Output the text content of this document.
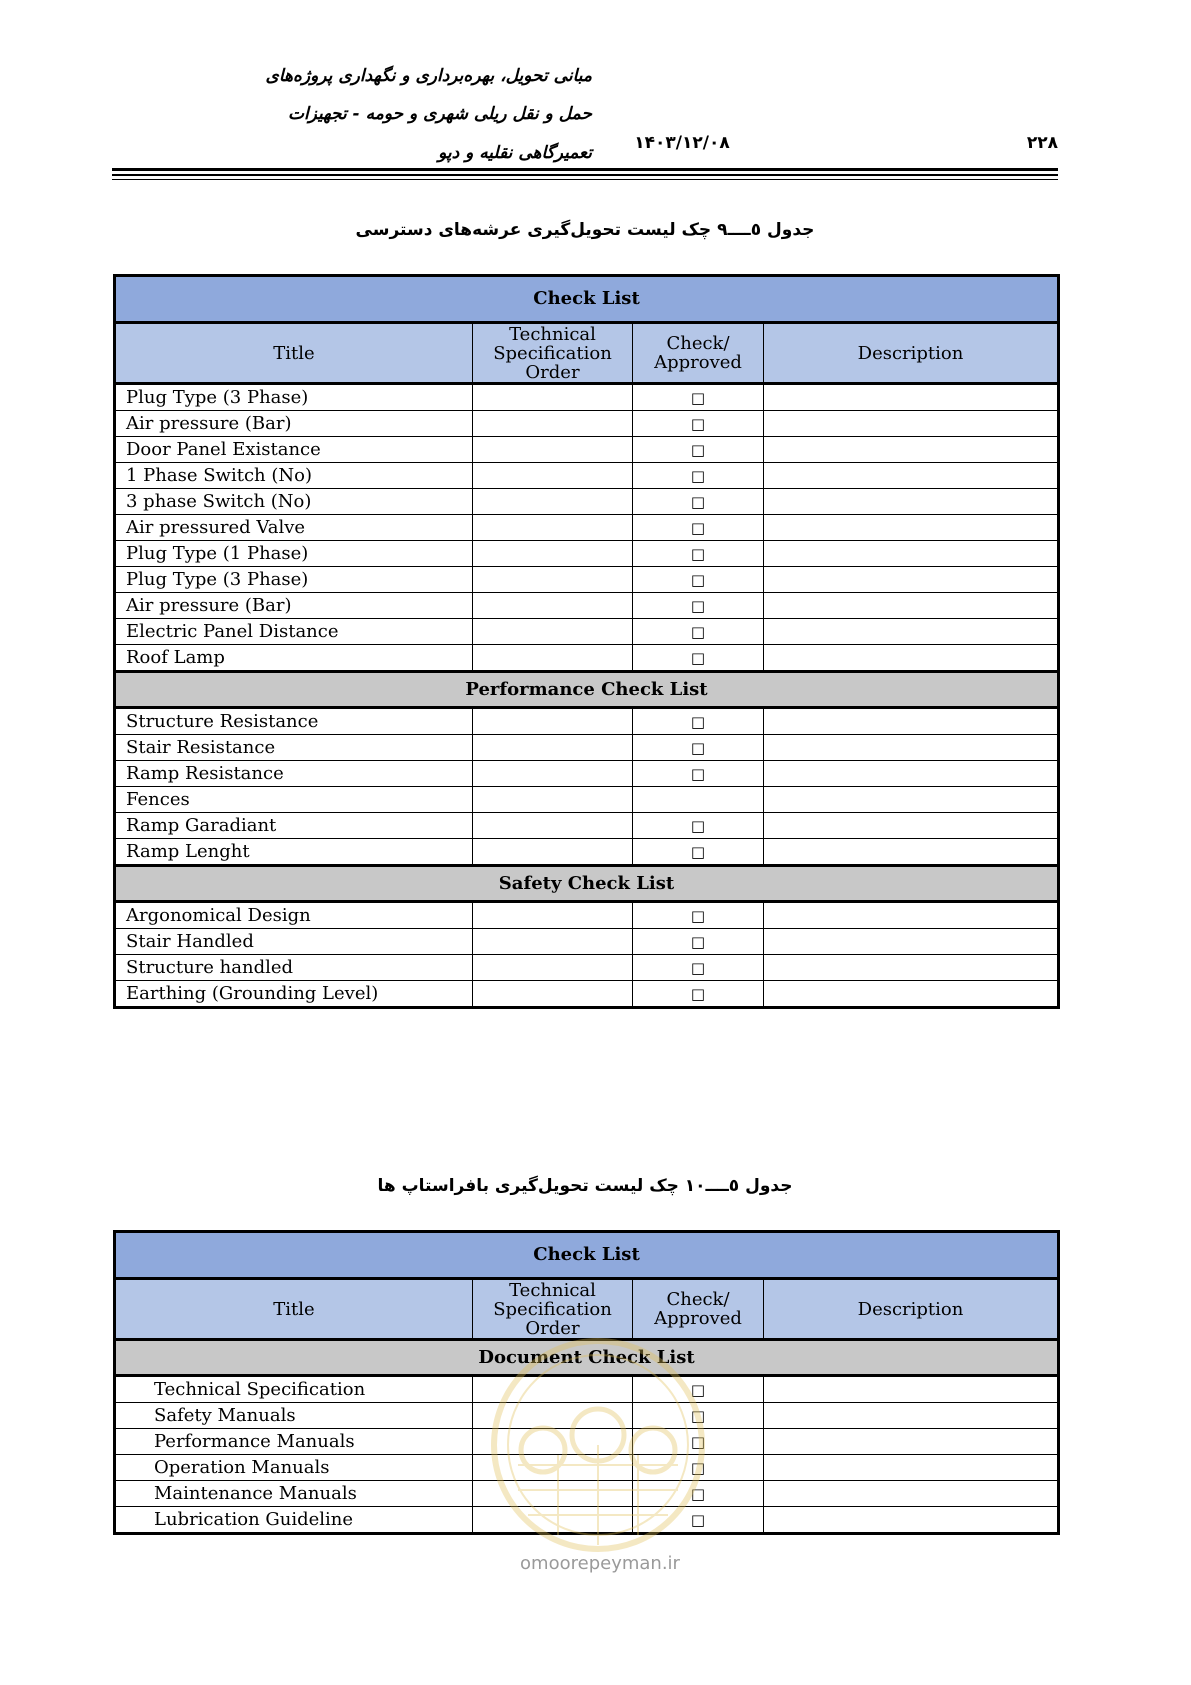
مبانی تحویل، بهره‌برداری و نگهداری پروژه‌های
حمل و نقل ریلی شهری و حومه - تجهیزات
تعمیرگاهی نقلیه و دپو	۱۴۰۳/۱۲/۰۸	۲۲۸
جدول ٥ــــ٩ چک لیست تحویل‌گیری عرشه‌های دسترسی
Check List			
Title	Technical Specification Order	Check/ Approved	Description
Plug Type (3 Phase)		□	
Air pressure (Bar)		□	
Door Panel Existance		□	
1 Phase Switch (No)		□	
3 phase Switch (No)		□	
Air pressured Valve		□	
Plug Type (1 Phase)		□	
Plug Type (3 Phase)		□	
Air pressure (Bar)		□	
Electric Panel Distance		□	
Roof Lamp		□	
Performance Check List			
Structure Resistance		□	
Stair Resistance		□	
Ramp Resistance		□	
Fences			
Ramp Garadiant		□	
Ramp Lenght		□	
Safety Check List			
Argonomical Design		□	
Stair Handled		□	
Structure handled		□	
Earthing (Grounding Level)		□	
جدول ٥ــــ١٠ چک لیست تحویل‌گیری بافراستاپ ها
Check List			
Title	Technical Specification Order	Check/ Approved	Description
Document Check List			
Technical Specification		□	
Safety Manuals		□	
Performance Manuals		□	
Operation Manuals		□	
Maintenance Manuals		□	
Lubrication Guideline		□	
omoorepeyman.ir
